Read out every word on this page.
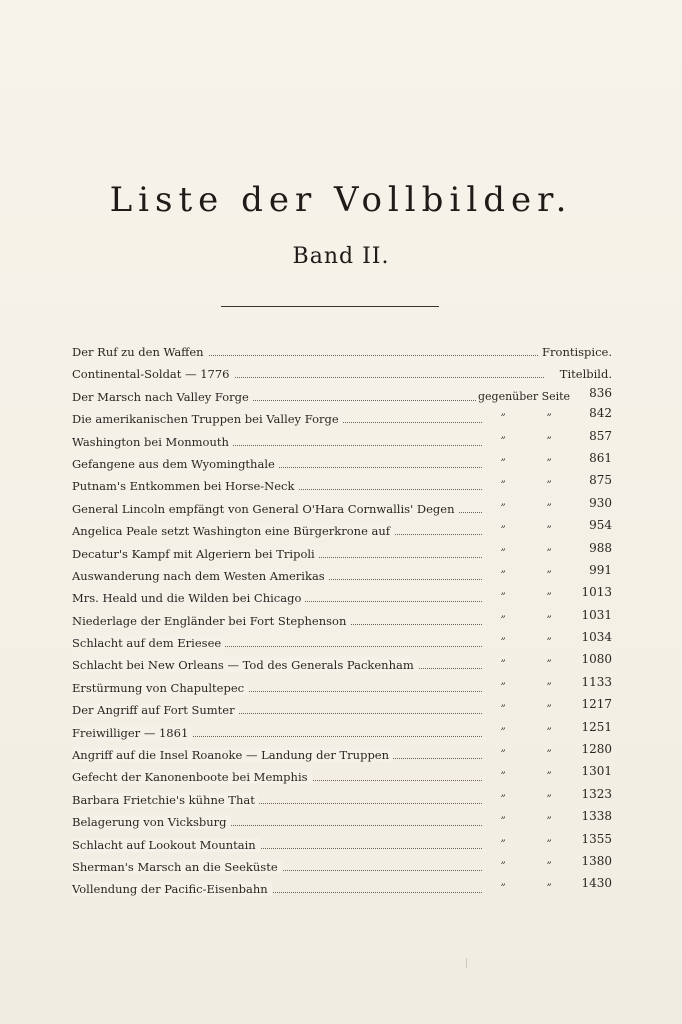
Liste der Vollbilder.
Band II.
Der Ruf zu den Waffen	Frontispice.
Continental-Soldat — 1776	Titelbild.
Der Marsch nach Valley Forge	gegenüber Seite	836
Die amerikanischen Truppen bei Valley Forge	”	”	842
Washington bei Monmouth	”	”	857
Gefangene aus dem Wyomingthale	”	”	861
Putnam's Entkommen bei Horse-Neck	”	”	875
General Lincoln empfängt von General O'Hara Cornwallis' Degen	”	”	930
Angelica Peale setzt Washington eine Bürgerkrone auf	”	”	954
Decatur's Kampf mit Algeriern bei Tripoli	”	”	988
Auswanderung nach dem Westen Amerikas	”	”	991
Mrs. Heald und die Wilden bei Chicago	”	”	1013
Niederlage der Engländer bei Fort Stephenson	”	”	1031
Schlacht auf dem Eriesee	”	”	1034
Schlacht bei New Orleans — Tod des Generals Packenham	”	”	1080
Erstürmung von Chapultepec	”	”	1133
Der Angriff auf Fort Sumter	”	”	1217
Freiwilliger — 1861	”	”	1251
Angriff auf die Insel Roanoke — Landung der Truppen	”	”	1280
Gefecht der Kanonenboote bei Memphis	”	”	1301
Barbara Frietchie's kühne That	”	”	1323
Belagerung von Vicksburg	”	”	1338
Schlacht auf Lookout Mountain	”	”	1355
Sherman's Marsch an die Seeküste	”	”	1380
Vollendung der Pacific-Eisenbahn	”	”	1430
